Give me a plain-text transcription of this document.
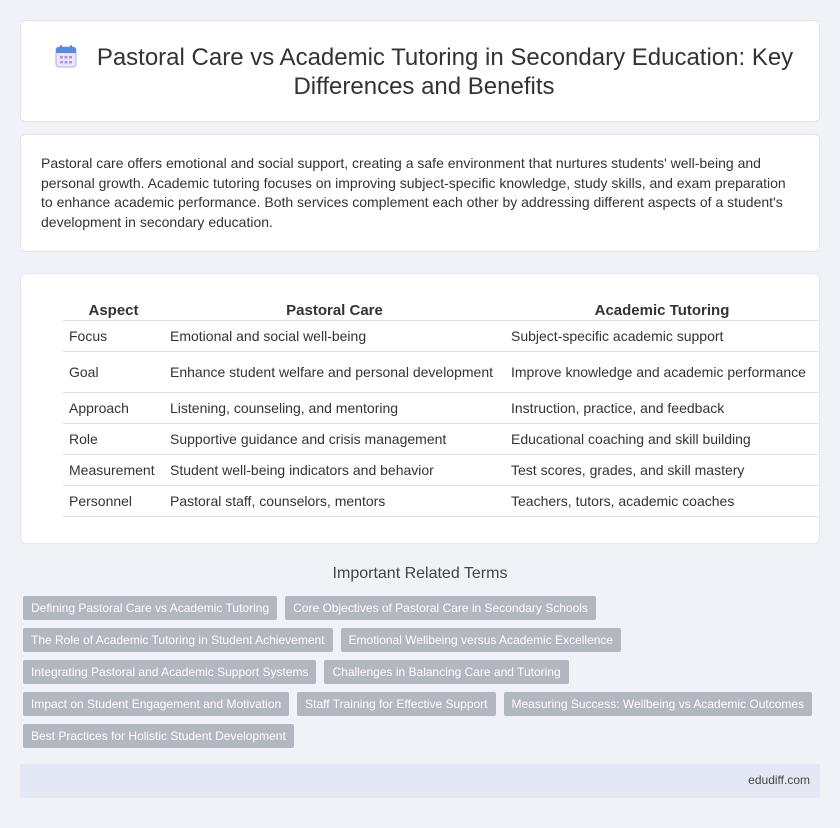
Pastoral Care vs Academic Tutoring in Secondary Education: Key Differences and Benefits

Pastoral care offers emotional and social support, creating a safe environment that nurtures students' well-being and personal growth. Academic tutoring focuses on improving subject-specific knowledge, study skills, and exam preparation to enhance academic performance. Both services complement each other by addressing different aspects of a student's development in secondary education.

Aspect	Pastoral Care	Academic Tutoring
Focus	Emotional and social well-being	Subject-specific academic support
Goal	Enhance student welfare and personal development	Improve knowledge and academic performance
Approach	Listening, counseling, and mentoring	Instruction, practice, and feedback
Role	Supportive guidance and crisis management	Educational coaching and skill building
Measurement	Student well-being indicators and behavior	Test scores, grades, and skill mastery
Personnel	Pastoral staff, counselors, mentors	Teachers, tutors, academic coaches
Important Related Terms
Defining Pastoral Care vs Academic Tutoring	Core Objectives of Pastoral Care in Secondary Schools
The Role of Academic Tutoring in Student Achievement	Emotional Wellbeing versus Academic Excellence
Integrating Pastoral and Academic Support Systems	Challenges in Balancing Care and Tutoring
Impact on Student Engagement and Motivation	Staff Training for Effective Support	Measuring Success: Wellbeing vs Academic Outcomes
Best Practices for Holistic Student Development
edudiff.com
